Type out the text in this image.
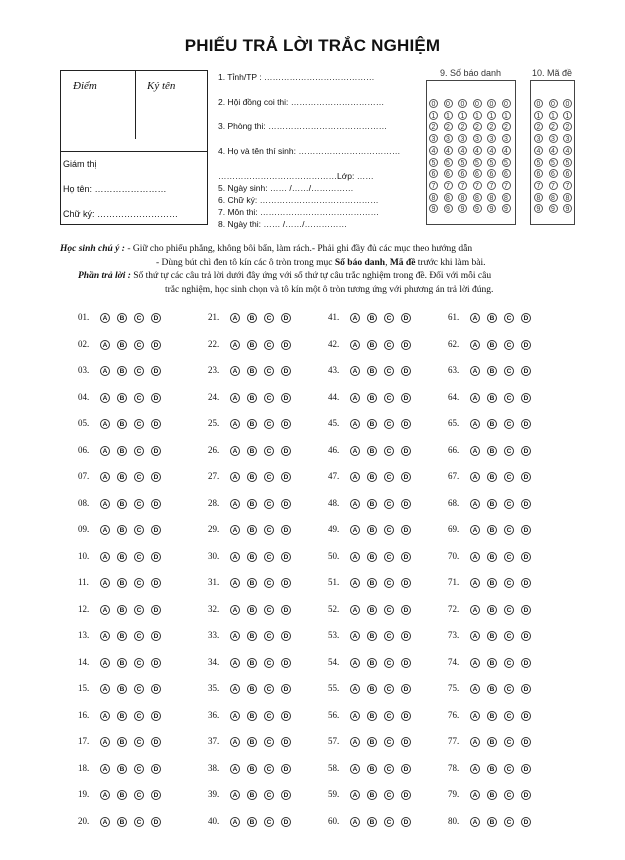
PHIẾU TRẢ LỜI TRẮC NGHIỆM
Điểm	Ký tên
Giám thị
Họ tên: ……………………
Chữ ký: ………………………
1. Tỉnh/TP : …………………………………
2. Hội đồng coi thi: ……………………………
3. Phòng thi: ……………………………………
4. Họ và tên thí sinh: ………………………………
……………………………………Lớp: ……
5. Ngày sinh: …… /……/……………
6. Chữ ký: ……………………………………
7. Môn thi: ……………………………………
8. Ngày thi: …… /……/……………
9. Số báo danh	10. Mã đề
0
1
2
3
4
5
6
7
8
9
0
1
2
3
4
5
6
7
8
9
0
1
2
3
4
5
6
7
8
9
0
1
2
3
4
5
6
7
8
9
0
1
2
3
4
5
6
7
8
9
0
1
2
3
4
5
6
7
8
9
0
1
2
3
4
5
6
7
8
9
0
1
2
3
4
5
6
7
8
9
0
1
2
3
4
5
6
7
8
9
Học sinh chú ý : - Giữ cho phiếu phẳng, không bôi bẩn, làm rách.- Phải ghi đầy đủ các mục theo hướng dẫn
- Dùng bút chì đen tô kín các ô tròn trong mục Số báo danh, Mã đề trước khi làm bài.
Phần trả lời : Số thứ tự các câu trả lời dưới đây ứng với số thứ tự câu trắc nghiệm trong đề. Đối với mỗi câu
trắc nghiệm, học sinh chọn và tô kín một ô tròn tương ứng với phương án trả lời đúng.
01. A B C D
02. A B C D
03. A B C D
04. A B C D
05. A B C D
06. A B C D
07. A B C D
08. A B C D
09. A B C D
10. A B C D
11. A B C D
12. A B C D
13. A B C D
14. A B C D
15. A B C D
16. A B C D
17. A B C D
18. A B C D
19. A B C D
20. A B C D
21. A B C D
22. A B C D
23. A B C D
24. A B C D
25. A B C D
26. A B C D
27. A B C D
28. A B C D
29. A B C D
30. A B C D
31. A B C D
32. A B C D
33. A B C D
34. A B C D
35. A B C D
36. A B C D
37. A B C D
38. A B C D
39. A B C D
40. A B C D
41. A B C D
42. A B C D
43. A B C D
44. A B C D
45. A B C D
46. A B C D
47. A B C D
48. A B C D
49. A B C D
50. A B C D
51. A B C D
52. A B C D
53. A B C D
54. A B C D
55. A B C D
56. A B C D
57. A B C D
58. A B C D
59. A B C D
60. A B C D
61. A B C D
62. A B C D
63. A B C D
64. A B C D
65. A B C D
66. A B C D
67. A B C D
68. A B C D
69. A B C D
70. A B C D
71. A B C D
72. A B C D
73. A B C D
74. A B C D
75. A B C D
76. A B C D
77. A B C D
78. A B C D
79. A B C D
80. A B C D
